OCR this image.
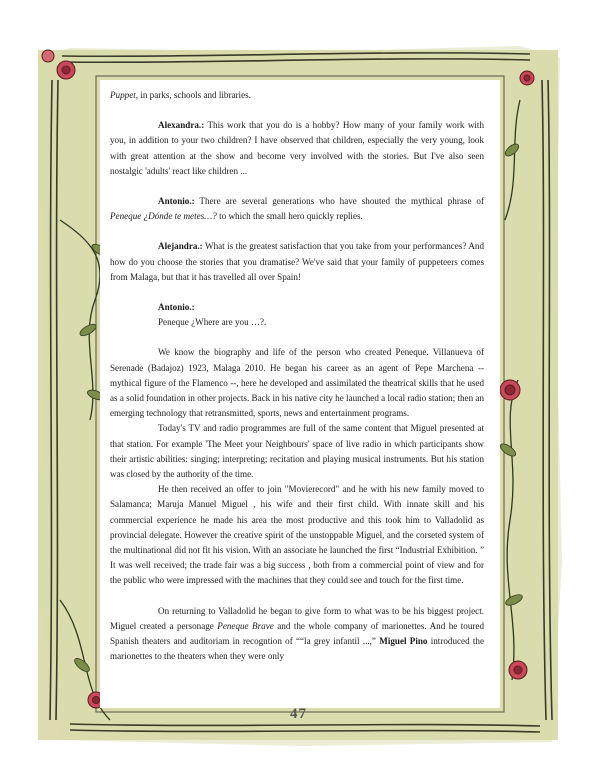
Puppet, in parks, schools and libraries.

Alexandra.: This work that you do is a hobby? How many of your family work with you, in addition to your two children? I have observed that children, especially the very young, look with great attention at the show and become very involved with the stories. But I've also seen nostalgic 'adults' react like children ...

Antonio.: There are several generations who have shouted the mythical phrase of Peneque ¿Dónde te metes…? to which the small hero quickly replies.

Alejandra.: What is the greatest satisfaction that you take from your performances? And how do you choose the stories that you dramatise? We've said that your family of puppeteers comes from Malaga, but that it has travelled all over Spain!

Antonio.:

Peneque ¿Where are you …?.

We know the biography and life of the person who created Peneque. Villanueva of Serenade (Badajoz) 1923, Malaga 2010. He began his career as an agent of Pepe Marchena -- mythical figure of the Flamenco --, here he developed and assimilated the theatrical skills that he used as a solid foundation in other projects. Back in his native city he launched a local radio station; then an emerging technology that retransmitted, sports, news and entertainment programs.

Today's TV and radio programmes are full of the same content that Miguel presented at that station. For example 'The Meet your Neighbours' space of live radio in which participants show their artistic abilities: singing; interpreting; recitation and playing musical instruments. But his station was closed by the authority of the time.

He then received an offer to join "Movierecord" and he with his new family moved to Salamanca; Maruja Manuel Miguel , his wife and their first child. With innate skill and his commercial experience he made his area the most productive and this took him to Valladolid as provincial delegate. However the creative spirit of the unstoppable Miguel, and the corseted system of the multinational did not fit his vision. With an associate he launched the first “Industrial Exhibition. ” It was well received; the trade fair was a big success , both from a commercial point of view and for the public who were impressed with the machines that they could see and touch for the first time.

On returning to Valladolid he began to give form to what was to be his biggest project. Miguel created a personage Peneque Brave and the whole company of marionettes. And he toured Spanish theaters and auditoriam in recogntion of ““la grey infantil ...,” Miguel Pino introduced the marionettes to the theaters when they were only

47
